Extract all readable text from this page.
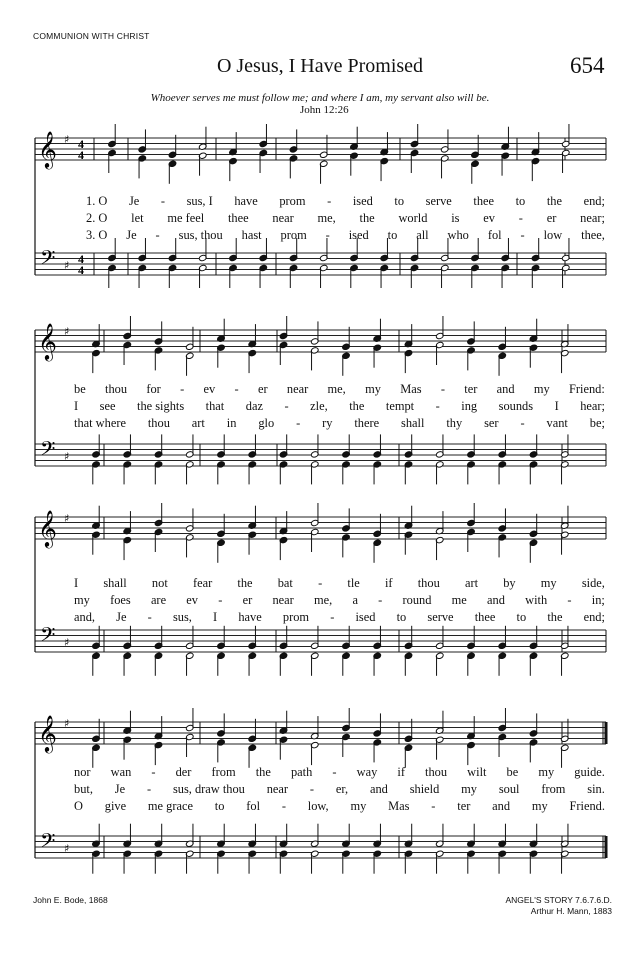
COMMUNION WITH CHRIST
O Jesus, I Have Promised	654
Whoever serves me must follow me; and where I am, my servant also will be.
John 12:26
𝄞
𝄢
♯
♯
4
4
4
4
𝄞
𝄢
♯
♯
𝄞
𝄢
♯
♯
𝄞
𝄢
♯
♯
1. O Je - sus, I have prom - ised to serve thee to the end;
2. O let me feel thee near me, the world is ev - er near;
3. O Je - sus, thou hast prom - ised to all who fol - low thee,
be thou for - ev - er near me, my Mas - ter and my Friend:
I see the sights that daz - zle, the tempt - ing sounds I hear;
that where thou art in glo - ry there shall thy ser - vant be;
I shall not fear the bat - tle if thou art by my side,
my foes are ev - er near me, a - round me and with - in;
and, Je - sus, I have prom - ised to serve thee to the end;
nor wan - der from the path - way if thou wilt be my guide.
but, Je - sus, draw thou near - er, and shield my soul from sin.
O give me grace to fol - low, my Mas - ter and my Friend.
John E. Bode, 1868	ANGEL'S STORY 7.6.7.6.D.
Arthur H. Mann, 1883
